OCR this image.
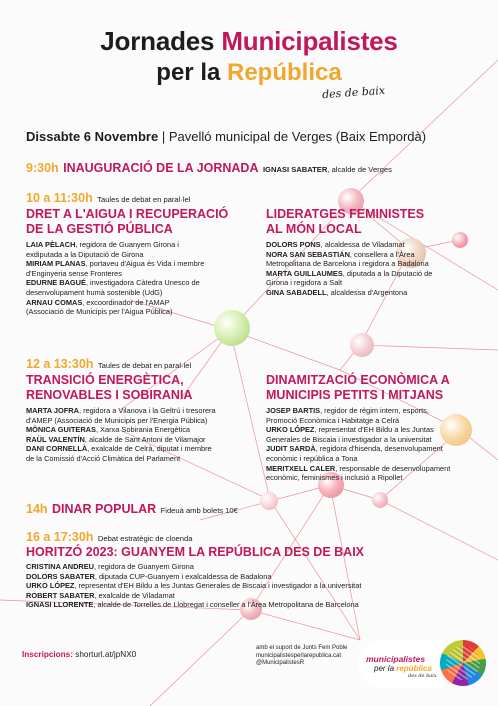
Jornades Municipalistes
per la República
des de baix
Dissabte 6 Novembre | Pavelló municipal de Verges (Baix Empordà)
9:30h INAUGURACIÓ DE LA JORNADA IGNASI SABATER, alcalde de Verges
10 a 11:30h Taules de debat en paral·lel
DRET A L'AIGUA I RECUPERACIÓ
DE LA GESTIÓ PÚBLICA
LAIA PÈLACH, regidora de Guanyem Girona i
exdiputada a la Diputació de Girona
MIRIAM PLANAS, portaveu d'Aigua és Vida i membre
d'Enginyeria sense Fronteres
EDURNE BAGUÉ, investigadora Càtedra Unesco de
desenvolupament humà sostenible (UdG)
ARNAU COMAS, excoordinador de l'AMAP
(Associació de Municipis per l'Aigua Pública)
LIDERATGES FEMINISTES
AL MÓN LOCAL
DOLORS PONS, alcaldessa de Viladamat
NORA SAN SEBASTIÁN, consellera a l'Àrea
Metropolitana de Barcelona i regidora a Badalona
MARTA GUILLAUMES, diputada a la Diputació de
Girona i regidora a Salt
GINA SABADELL, alcaldessa d'Argentona
12 a 13:30h Taules de debat en paral·lel
TRANSICIÓ ENERGÈTICA,
RENOVABLES I SOBIRANIA
MARTA JOFRA, regidora a Vilanova i la Geltrú i tresorera
d'AMEP (Associació de Municipis per l'Energia Pública)
MÒNICA GUITERAS, Xarxa Sobirania Energètica
RAÜL VALENTÍN, alcalde de Sant Antoni de Vilamajor
DANI CORNELLÀ, exalcalde de Celrà, diputat i membre
de la Comissió d'Acció Climàtica del Parlament
DINAMITZACIÓ ECONÒMICA A
MUNICIPIS PETITS I MITJANS
JOSEP BARTIS, regidor de règim intern, esports,
Promoció Econòmica i Habitatge a Celrà
URKO LÓPEZ, representat d'EH Bildu a les Juntas
Generales de Biscaia i investigador a la universitat
JUDIT SARDÀ, regidora d'hisenda, desenvolupament
econòmic i república a Tona
MERITXELL CALER, responsable de desenvolupament
econòmic, feminismes i inclusió a Ripollet
14h DINAR POPULAR Fideuà amb bolets 10€
16 a 17:30h Debat estratègic de cloenda
HORITZÓ 2023: GUANYEM LA REPÚBLICA DES DE BAIX
CRISTINA ANDREU, regidora de Guanyem Girona
DOLORS SABATER, diputada CUP-Guanyem i exalcaldessa de Badalona
URKO LÓPEZ, representat d'EH Bildu a les Juntas Generales de Biscaia i investigador a la universitat
ROBERT SABATER, exalcalde de Viladamat
IGNASI LLORENTE, alcalde de Torrelles de Llobregat i conseller a l'Àrea Metropolitana de Barcelona
Inscripcions: shorturl.at/jpNX0
amb el suport de Junts Fem Poble
municipalistesperlarepublica.cat
@MunicipalistesR	municipalistes
per la república
des de baix
